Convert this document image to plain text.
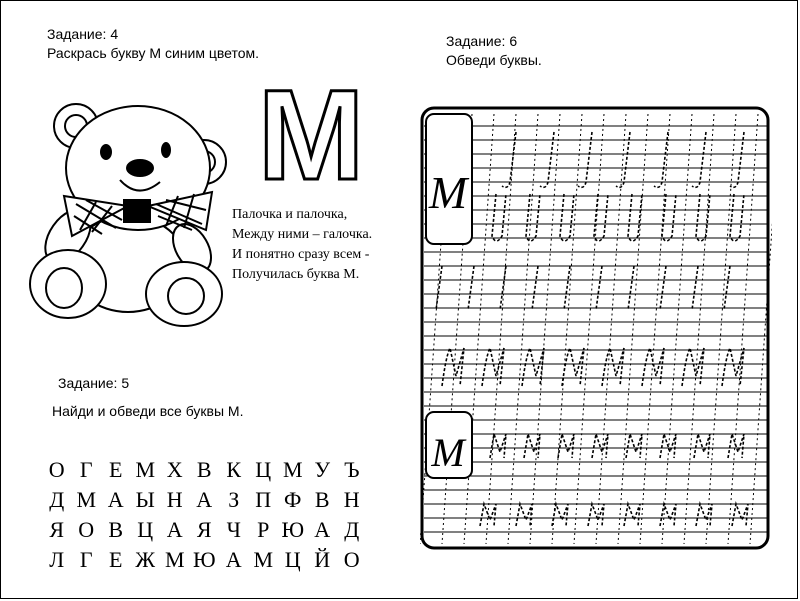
Задание: 4
Раскрась букву М синим цветом.
М
Палочка и палочка,
Между ними – галочка.
И понятно сразу всем -
Получилась буква М.
Задание: 5
Найди и обведи все буквы М.
О Г Е М Х В К Ц М У Ъ
Д М А Ы Н А З П Ф В Н
Я О В Ц А Я Ч Р Ю А Д
Л Г Е Ж М Ю А М Ц Й О
Задание: 6
Обведи буквы.
M
M
